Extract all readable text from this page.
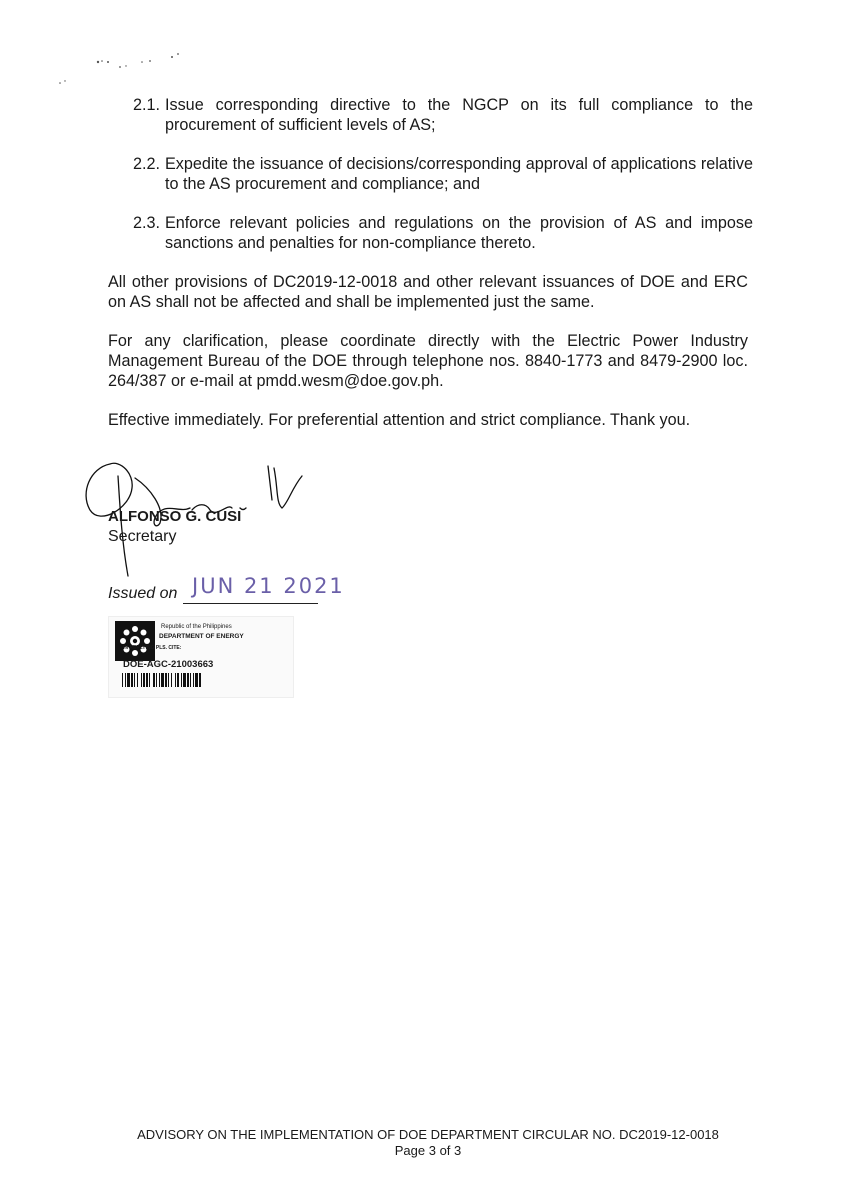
2.1. Issue corresponding directive to the NGCP on its full compliance to the procurement of sufficient levels of AS;
2.2. Expedite the issuance of decisions/corresponding approval of applications relative to the AS procurement and compliance; and
2.3. Enforce relevant policies and regulations on the provision of AS and impose sanctions and penalties for non-compliance thereto.
All other provisions of DC2019-12-0018 and other relevant issuances of DOE and ERC on AS shall not be affected and shall be implemented just the same.
For any clarification, please coordinate directly with the Electric Power Industry Management Bureau of the DOE through telephone nos. 8840-1773 and 8479-2900 loc. 264/387 or e-mail at pmdd.wesm@doe.gov.ph.
Effective immediately. For preferential attention and strict compliance. Thank you.
ALFONSO G. CUSI
Secretary
Issued on JUN 21 2021
Republic of the Philippines
DEPARTMENT OF ENERGY
IN REPLYING PLS. CITE:
DOE-AGC-21003663
ADVISORY ON THE IMPLEMENTATION OF DOE DEPARTMENT CIRCULAR NO. DC2019-12-0018
Page 3 of 3
